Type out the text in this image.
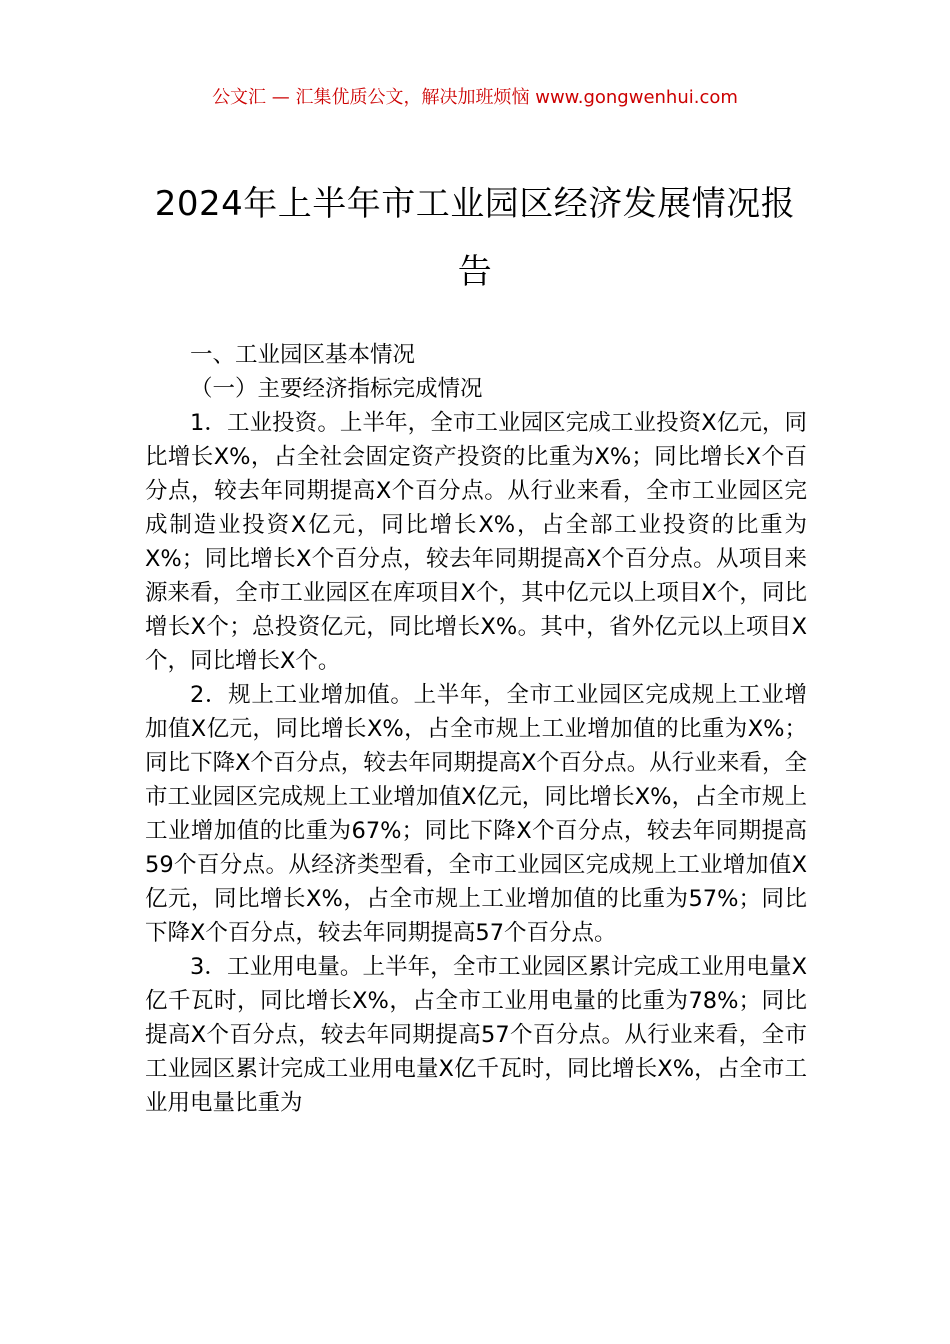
公文汇 — 汇集优质公文，解决加班烦恼 www.gongwenhui.com
2024年上半年市工业园区经济发展情况报告

一、工业园区基本情况

（一）主要经济指标完成情况

1．工业投资。上半年，全市工业园区完成工业投资X亿元，同比增长X%，占全社会固定资产投资的比重为X%；同比增长X个百分点，较去年同期提高X个百分点。从行业来看，全市工业园区完成制造业投资X亿元，同比增长X%，占全部工业投资的比重为X%；同比增长X个百分点，较去年同期提高X个百分点。从项目来源来看，全市工业园区在库项目X个，其中亿元以上项目X个，同比增长X个；总投资亿元，同比增长X%。其中，省外亿元以上项目X个，同比增长X个。

2．规上工业增加值。上半年，全市工业园区完成规上工业增加值X亿元，同比增长X%，占全市规上工业增加值的比重为X%；同比下降X个百分点，较去年同期提高X个百分点。从行业来看，全市工业园区完成规上工业增加值X亿元，同比增长X%，占全市规上工业增加值的比重为67%；同比下降X个百分点，较去年同期提高59个百分点。从经济类型看，全市工业园区完成规上工业增加值X亿元，同比增长X%，占全市规上工业增加值的比重为57%；同比下降X个百分点，较去年同期提高57个百分点。

3．工业用电量。上半年，全市工业园区累计完成工业用电量X亿千瓦时，同比增长X%，占全市工业用电量的比重为78%；同比提高X个百分点，较去年同期提高57个百分点。从行业来看，全市工业园区累计完成工业用电量X亿千瓦时，同比增长X%，占全市工业用电量比重为
